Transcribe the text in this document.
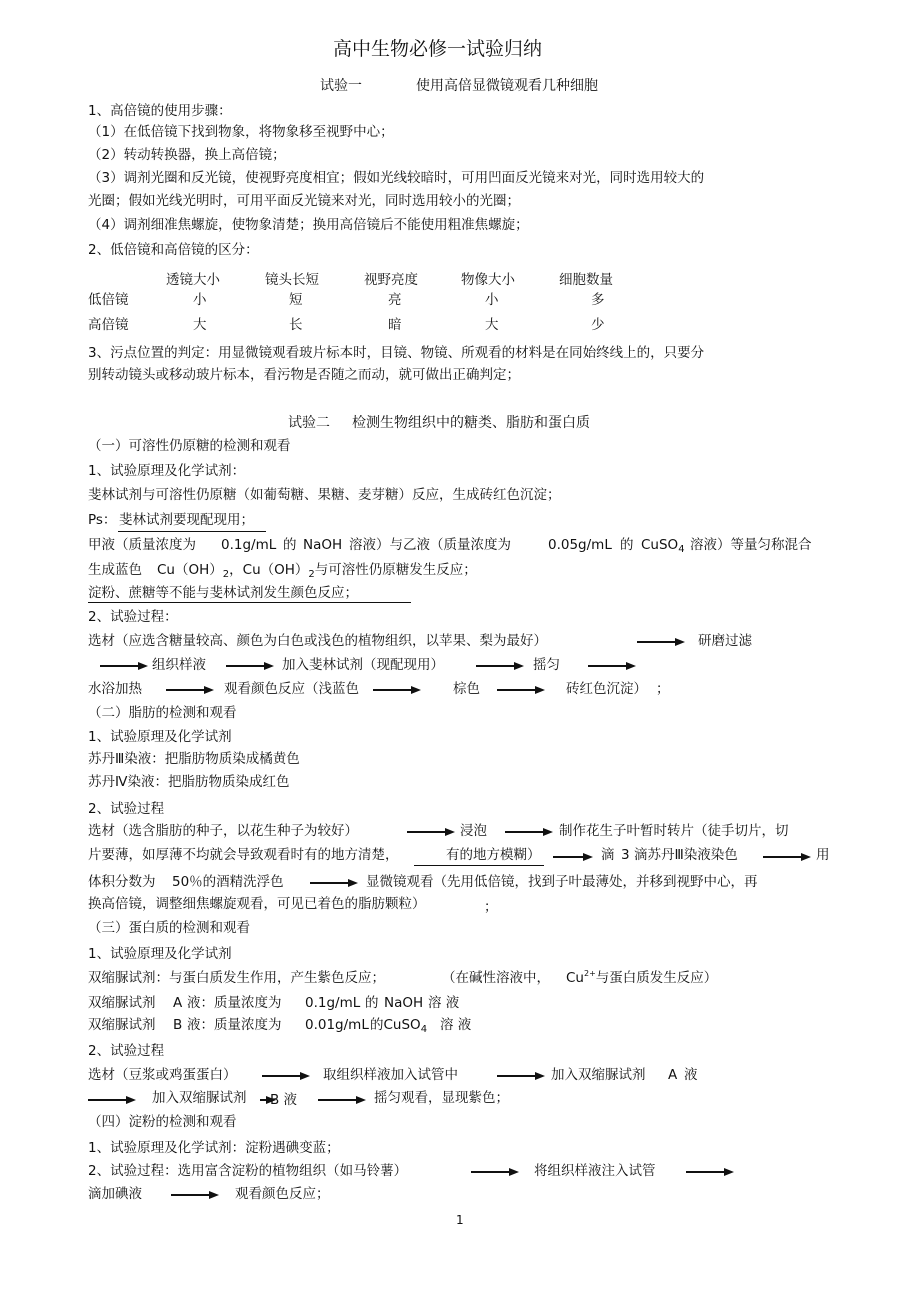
高中生物必修一试验归纳
试验一	使用高倍显微镜观看几种细胞
1、高倍镜的使用步骤：
（1）在低倍镜下找到物象，将物象移至视野中心；
（2）转动转换器，换上高倍镜；
（3）调剂光圈和反光镜，使视野亮度相宜；假如光线较暗时，可用凹面反光镜来对光，同时选用较大的
光圈；假如光线光明时，可用平面反光镜来对光，同时选用较小的光圈；
（4）调剂细准焦螺旋，使物象清楚；换用高倍镜后不能使用粗准焦螺旋；
2、低倍镜和高倍镜的区分：
透镜大小	镜头长短	视野亮度	物像大小	细胞数量
低倍镜	小	短	亮	小	多
高倍镜	大	长	暗	大	少
3、污点位置的判定：用显微镜观看玻片标本时，目镜、物镜、所观看的材料是在同始终线上的，只要分
别转动镜头或移动玻片标本，看污物是否随之而动，就可做出正确判定；
试验二 检测生物组织中的糖类、脂肪和蛋白质
（一）可溶性仍原糖的检测和观看
1、试验原理及化学试剂：
斐林试剂与可溶性仍原糖（如葡萄糖、果糖、麦芽糖）反应，生成砖红色沉淀；
Ps： 斐林试剂要现配现用；
甲液（质量浓度为 0.1g/mL 的 NaOH 溶液）与乙液（质量浓度为	0.05g/mL 的 CuSO$_4$ 溶液）等量匀称混合
生成蓝色 $Cu(OH)_2$，$Cu(OH)_2$与可溶性仍原糖发生反应；
淀粉、蔗糖等不能与斐林试剂发生颜色反应；
2、试验过程：
选材（应选含糖量较高、颜色为白色或浅色的植物组织，以苹果、梨为最好）	研磨过滤
组织样液	加入斐林试剂（现配现用）	摇匀
水浴加热	观看颜色反应（浅蓝色	棕色	砖红色沉淀） ；
（二）脂肪的检测和观看
1、试验原理及化学试剂
苏丹Ⅲ染液：把脂肪物质染成橘黄色
苏丹Ⅳ染液：把脂肪物质染成红色
2、试验过程
选材（选含脂肪的种子，以花生种子为较好）	浸泡	制作花生子叶暂时转片（徒手切片，切
片要薄，如厚薄不均就会导致观看时有的地方清楚，	有的地方模糊）	滴 3 滴苏丹Ⅲ染液染色	用
体积分数为 50％的酒精洗浮色	显微镜观看（先用低倍镜，找到子叶最薄处，并移到视野中心，再
换高倍镜，调整细焦螺旋观看，可见已着色的脂肪颗粒）	；
（三）蛋白质的检测和观看
1、试验原理及化学试剂
双缩脲试剂：与蛋白质发生作用，产生紫色反应；	（在碱性溶液中， $Cu^{2+}$与蛋白质发生反应）
双缩脲试剂 A 液：质量浓度为 0.1g/mL 的 NaOH 溶 液
双缩脲试剂 B 液：质量浓度为 0.01g/mL 的CuSO$_4$ 溶 液
2、试验过程
选材（豆浆或鸡蛋蛋白）	取组织样液加入试管中	加入双缩脲试剂 A 液
加入双缩脲试剂 B 液	摇匀观看，显现紫色；
（四）淀粉的检测和观看
1、试验原理及化学试剂：淀粉遇碘变蓝；
2、试验过程：选用富含淀粉的植物组织（如马铃薯）	将组织样液注入试管
滴加碘液	观看颜色反应；
1
